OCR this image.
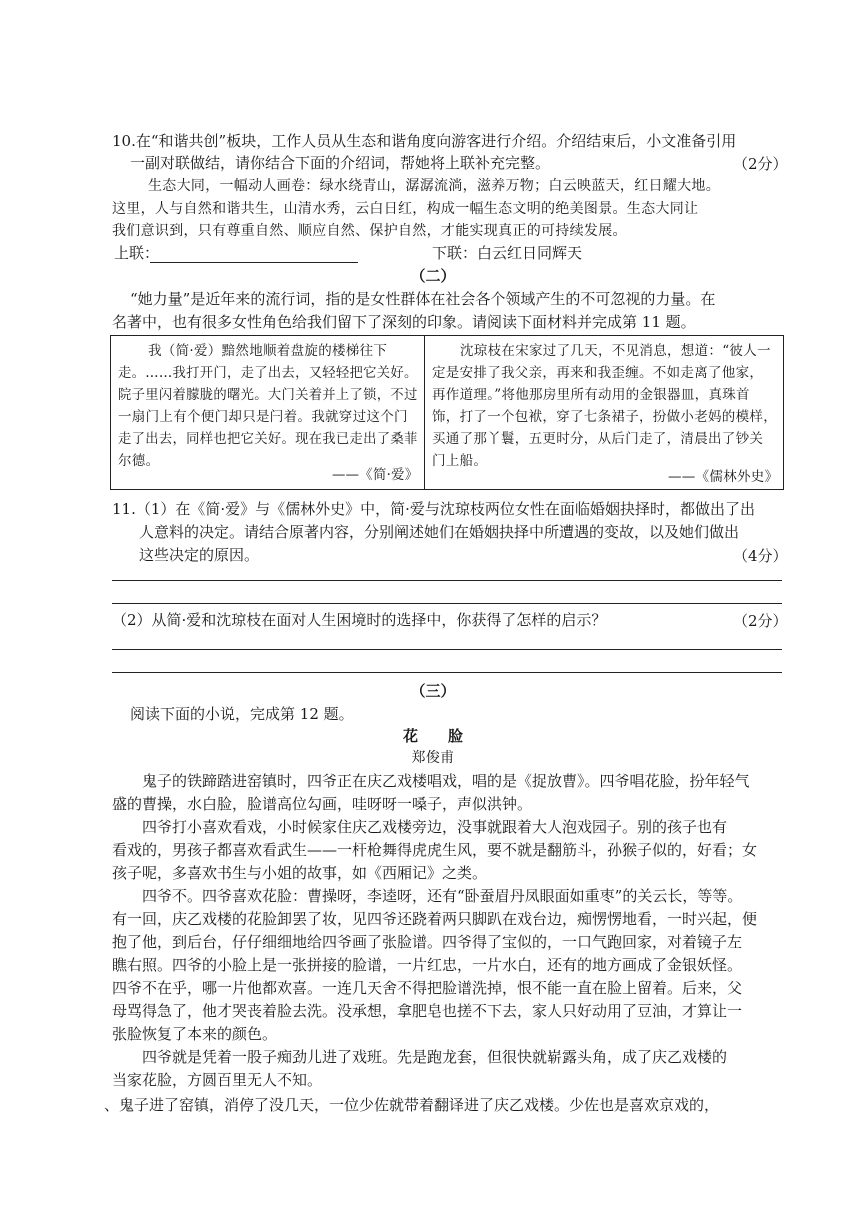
10.在“和谐共创”板块，工作人员从生态和谐角度向游客进行介绍。介绍结束后，小文准备引用
一副对联做结，请你结合下面的介绍词，帮她将上联补充完整。	（2分）
生态大同，一幅动人画卷：绿水绕青山，潺潺流淌，滋养万物；白云映蓝天，红日耀大地。
这里，人与自然和谐共生，山清水秀，云白日红，构成一幅生态文明的绝美图景。生态大同让
我们意识到，只有尊重自然、顺应自然、保护自然，才能实现真正的可持续发展。
上联：	下联：白云红日同辉天
（二）
“她力量”是近年来的流行词，指的是女性群体在社会各个领域产生的不可忽视的力量。在
名著中，也有很多女性角色给我们留下了深刻的印象。请阅读下面材料并完成第 11 题。
我（简·爱）黯然地顺着盘旋的楼梯往下
走。……我打开门，走了出去，又轻轻把它关好。
院子里闪着朦胧的曙光。大门关着并上了锁，不过
一扇门上有个便门却只是闩着。我就穿过这个门
走了出去，同样也把它关好。现在我已走出了桑菲
尔德。
——《简·爱》
沈琼枝在宋家过了几天，不见消息，想道：“彼人一
定是安排了我父亲，再来和我歪缠。不如走离了他家，
再作道理。”将他那房里所有动用的金银器皿，真珠首
饰，打了一个包袱，穿了七条裙子，扮做小老妈的模样，
买通了那丫鬟，五更时分，从后门走了，清晨出了钞关
门上船。
——《儒林外史》
11.（1）在《简·爱》与《儒林外史》中，简·爱与沈琼枝两位女性在面临婚姻抉择时，都做出了出
人意料的决定。请结合原著内容，分别阐述她们在婚姻抉择中所遭遇的变故，以及她们做出
这些决定的原因。	（4分）
（2）从简·爱和沈琼枝在面对人生困境时的选择中，你获得了怎样的启示？	（2分）
（三）
阅读下面的小说，完成第 12 题。
花　　脸
郑俊甫
　　鬼子的铁蹄踏进窑镇时，四爷正在庆乙戏楼唱戏，唱的是《捉放曹》。四爷唱花脸，扮年轻气
盛的曹操，水白脸，脸谱高位勾画，哇呀呀一嗓子，声似洪钟。
　　四爷打小喜欢看戏，小时候家住庆乙戏楼旁边，没事就跟着大人泡戏园子。别的孩子也有
看戏的，男孩子都喜欢看武生——一杆枪舞得虎虎生风，要不就是翻筋斗，孙猴子似的，好看；女
孩子呢，多喜欢书生与小姐的故事，如《西厢记》之类。
　　四爷不。四爷喜欢花脸：曹操呀，李逵呀，还有“卧蚕眉丹凤眼面如重枣”的关云长，等等。
有一回，庆乙戏楼的花脸卸罢了妆，见四爷还跷着两只脚趴在戏台边，痴愣愣地看，一时兴起，便
抱了他，到后台，仔仔细细地给四爷画了张脸谱。四爷得了宝似的，一口气跑回家，对着镜子左
瞧右照。四爷的小脸上是一张拼接的脸谱，一片红忠，一片水白，还有的地方画成了金银妖怪。
四爷不在乎，哪一片他都欢喜。一连几天舍不得把脸谱洗掉，恨不能一直在脸上留着。后来，父
母骂得急了，他才哭丧着脸去洗。没承想，拿肥皂也搓不下去，家人只好动用了豆油，才算让一
张脸恢复了本来的颜色。
　　四爷就是凭着一股子痴劲儿进了戏班。先是跑龙套，但很快就崭露头角，成了庆乙戏楼的
当家花脸，方圆百里无人不知。
、鬼子进了窑镇，消停了没几天，一位少佐就带着翻译进了庆乙戏楼。少佐也是喜欢京戏的，
